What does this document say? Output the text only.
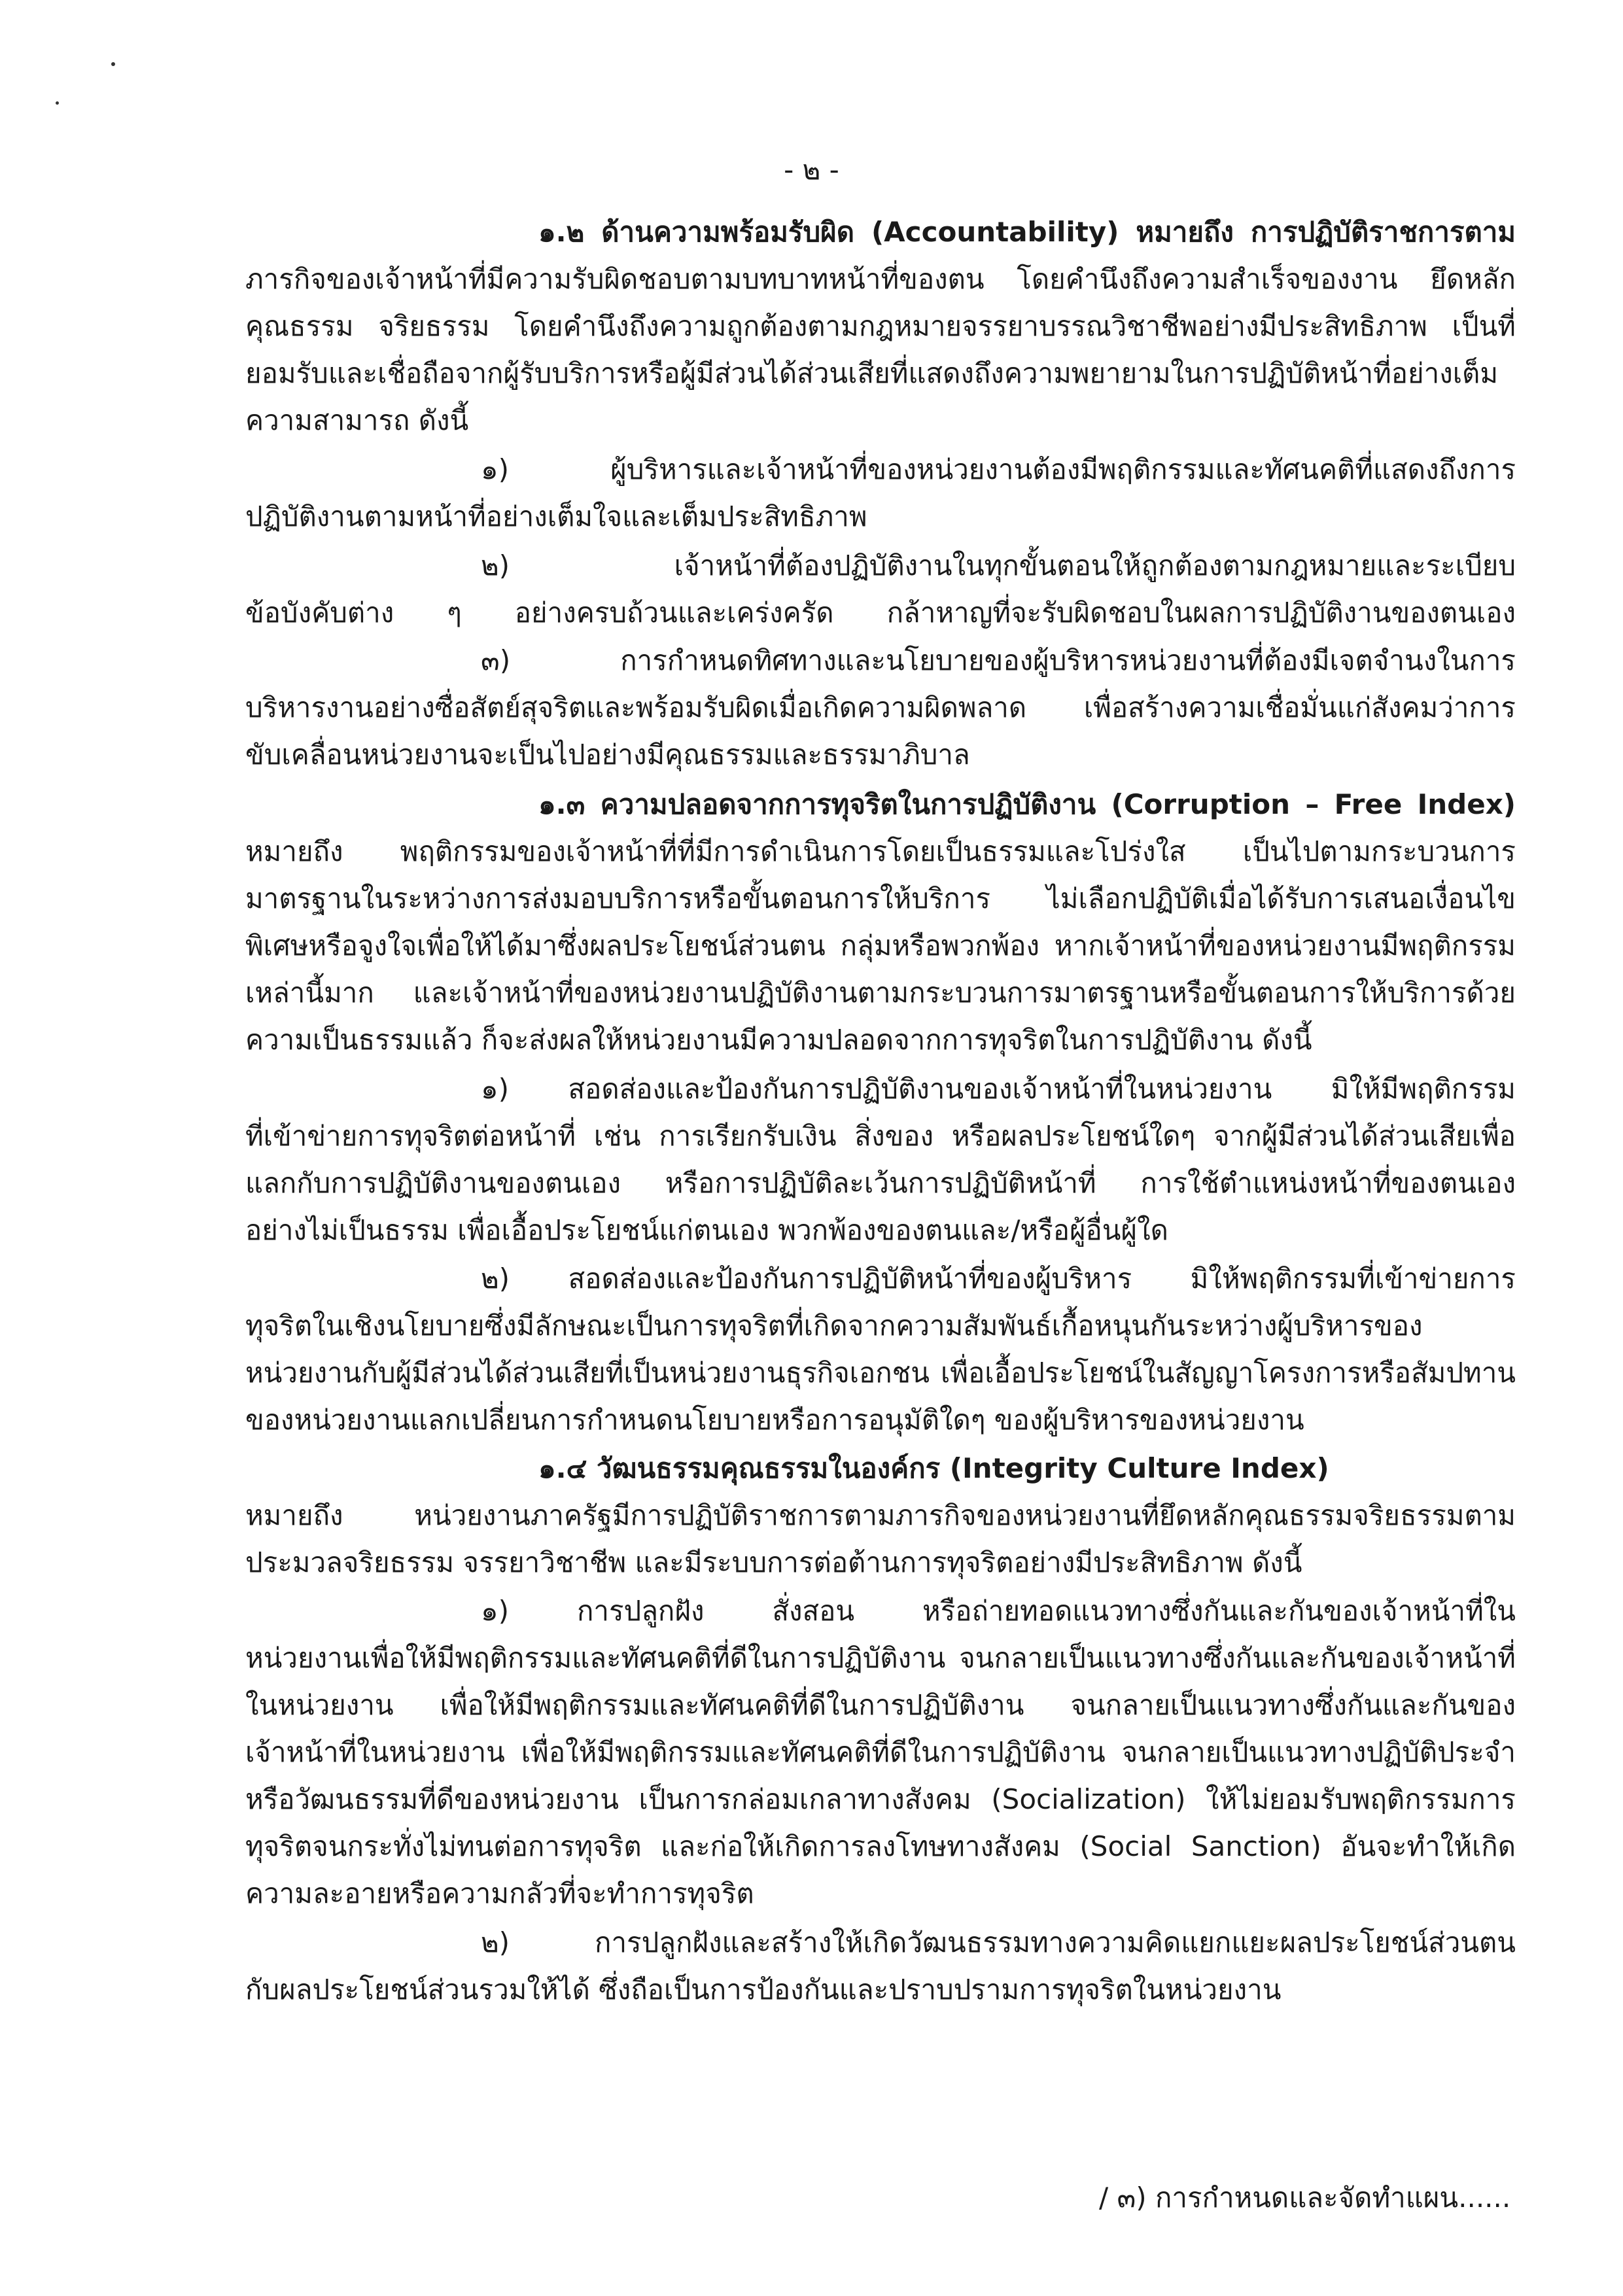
- ๒ -
๑.๒ ด้านความพร้อมรับผิด (Accountability) หมายถึง การปฏิบัติราชการตาม
ภารกิจของเจ้าหน้าที่มีความรับผิดชอบตามบทบาทหน้าที่ของตน โดยคำนึงถึงความสำเร็จของงาน ยึดหลัก
คุณธรรม จริยธรรม โดยคำนึงถึงความถูกต้องตามกฎหมายจรรยาบรรณวิชาชีพอย่างมีประสิทธิภาพ เป็นที่
ยอมรับและเชื่อถือจากผู้รับบริการหรือผู้มีส่วนได้ส่วนเสียที่แสดงถึงความพยายามในการปฏิบัติหน้าที่อย่างเต็ม
ความสามารถ ดังนี้
๑) ผู้บริหารและเจ้าหน้าที่ของหน่วยงานต้องมีพฤติกรรมและทัศนคติที่แสดงถึงการ
ปฏิบัติงานตามหน้าที่อย่างเต็มใจและเต็มประสิทธิภาพ
๒) เจ้าหน้าที่ต้องปฏิบัติงานในทุกขั้นตอนให้ถูกต้องตามกฎหมายและระเบียบ
ข้อบังคับต่าง ๆ อย่างครบถ้วนและเคร่งครัด กล้าหาญที่จะรับผิดชอบในผลการปฏิบัติงานของตนเอง
๓) การกำหนดทิศทางและนโยบายของผู้บริหารหน่วยงานที่ต้องมีเจตจำนงในการ
บริหารงานอย่างซื่อสัตย์สุจริตและพร้อมรับผิดเมื่อเกิดความผิดพลาด เพื่อสร้างความเชื่อมั่นแก่สังคมว่าการ
ขับเคลื่อนหน่วยงานจะเป็นไปอย่างมีคุณธรรมและธรรมาภิบาล
๑.๓ ความปลอดจากการทุจริตในการปฏิบัติงาน (Corruption – Free Index)
หมายถึง พฤติกรรมของเจ้าหน้าที่ที่มีการดำเนินการโดยเป็นธรรมและโปร่งใส เป็นไปตามกระบวนการ
มาตรฐานในระหว่างการส่งมอบบริการหรือขั้นตอนการให้บริการ ไม่เลือกปฏิบัติเมื่อได้รับการเสนอเงื่อนไข
พิเศษหรือจูงใจเพื่อให้ได้มาซึ่งผลประโยชน์ส่วนตน กลุ่มหรือพวกพ้อง หากเจ้าหน้าที่ของหน่วยงานมีพฤติกรรม
เหล่านี้มาก และเจ้าหน้าที่ของหน่วยงานปฏิบัติงานตามกระบวนการมาตรฐานหรือขั้นตอนการให้บริการด้วย
ความเป็นธรรมแล้ว ก็จะส่งผลให้หน่วยงานมีความปลอดจากการทุจริตในการปฏิบัติงาน ดังนี้
๑) สอดส่องและป้องกันการปฏิบัติงานของเจ้าหน้าที่ในหน่วยงาน มิให้มีพฤติกรรม
ที่เข้าข่ายการทุจริตต่อหน้าที่ เช่น การเรียกรับเงิน สิ่งของ หรือผลประโยชน์ใดๆ จากผู้มีส่วนได้ส่วนเสียเพื่อ
แลกกับการปฏิบัติงานของตนเอง หรือการปฏิบัติละเว้นการปฏิบัติหน้าที่ การใช้ตำแหน่งหน้าที่ของตนเอง
อย่างไม่เป็นธรรม เพื่อเอื้อประโยชน์แก่ตนเอง พวกพ้องของตนและ/หรือผู้อื่นผู้ใด
๒) สอดส่องและป้องกันการปฏิบัติหน้าที่ของผู้บริหาร มิให้พฤติกรรมที่เข้าข่ายการ
ทุจริตในเชิงนโยบายซึ่งมีลักษณะเป็นการทุจริตที่เกิดจากความสัมพันธ์เกื้อหนุนกันระหว่างผู้บริหารของ
หน่วยงานกับผู้มีส่วนได้ส่วนเสียที่เป็นหน่วยงานธุรกิจเอกชน เพื่อเอื้อประโยชน์ในสัญญาโครงการหรือสัมปทาน
ของหน่วยงานแลกเปลี่ยนการกำหนดนโยบายหรือการอนุมัติใดๆ ของผู้บริหารของหน่วยงาน
๑.๔ วัฒนธรรมคุณธรรมในองค์กร (Integrity Culture Index)
หมายถึง หน่วยงานภาครัฐมีการปฏิบัติราชการตามภารกิจของหน่วยงานที่ยึดหลักคุณธรรมจริยธรรมตาม
ประมวลจริยธรรม จรรยาวิชาชีพ และมีระบบการต่อต้านการทุจริตอย่างมีประสิทธิภาพ ดังนี้
๑) การปลูกฝัง สั่งสอน หรือถ่ายทอดแนวทางซึ่งกันและกันของเจ้าหน้าที่ใน
หน่วยงานเพื่อให้มีพฤติกรรมและทัศนคติที่ดีในการปฏิบัติงาน จนกลายเป็นแนวทางซึ่งกันและกันของเจ้าหน้าที่
ในหน่วยงาน เพื่อให้มีพฤติกรรมและทัศนคติที่ดีในการปฏิบัติงาน จนกลายเป็นแนวทางซึ่งกันและกันของ
เจ้าหน้าที่ในหน่วยงาน เพื่อให้มีพฤติกรรมและทัศนคติที่ดีในการปฏิบัติงาน จนกลายเป็นแนวทางปฏิบัติประจำ
หรือวัฒนธรรมที่ดีของหน่วยงาน เป็นการกล่อมเกลาทางสังคม (Socialization) ให้ไม่ยอมรับพฤติกรรมการ
ทุจริตจนกระทั่งไม่ทนต่อการทุจริต และก่อให้เกิดการลงโทษทางสังคม (Social Sanction) อันจะทำให้เกิด
ความละอายหรือความกลัวที่จะทำการทุจริต
๒) การปลูกฝังและสร้างให้เกิดวัฒนธรรมทางความคิดแยกแยะผลประโยชน์ส่วนตน
กับผลประโยชน์ส่วนรวมให้ได้ ซึ่งถือเป็นการป้องกันและปราบปรามการทุจริตในหน่วยงาน
/ ๓) การกำหนดและจัดทำแผน......
